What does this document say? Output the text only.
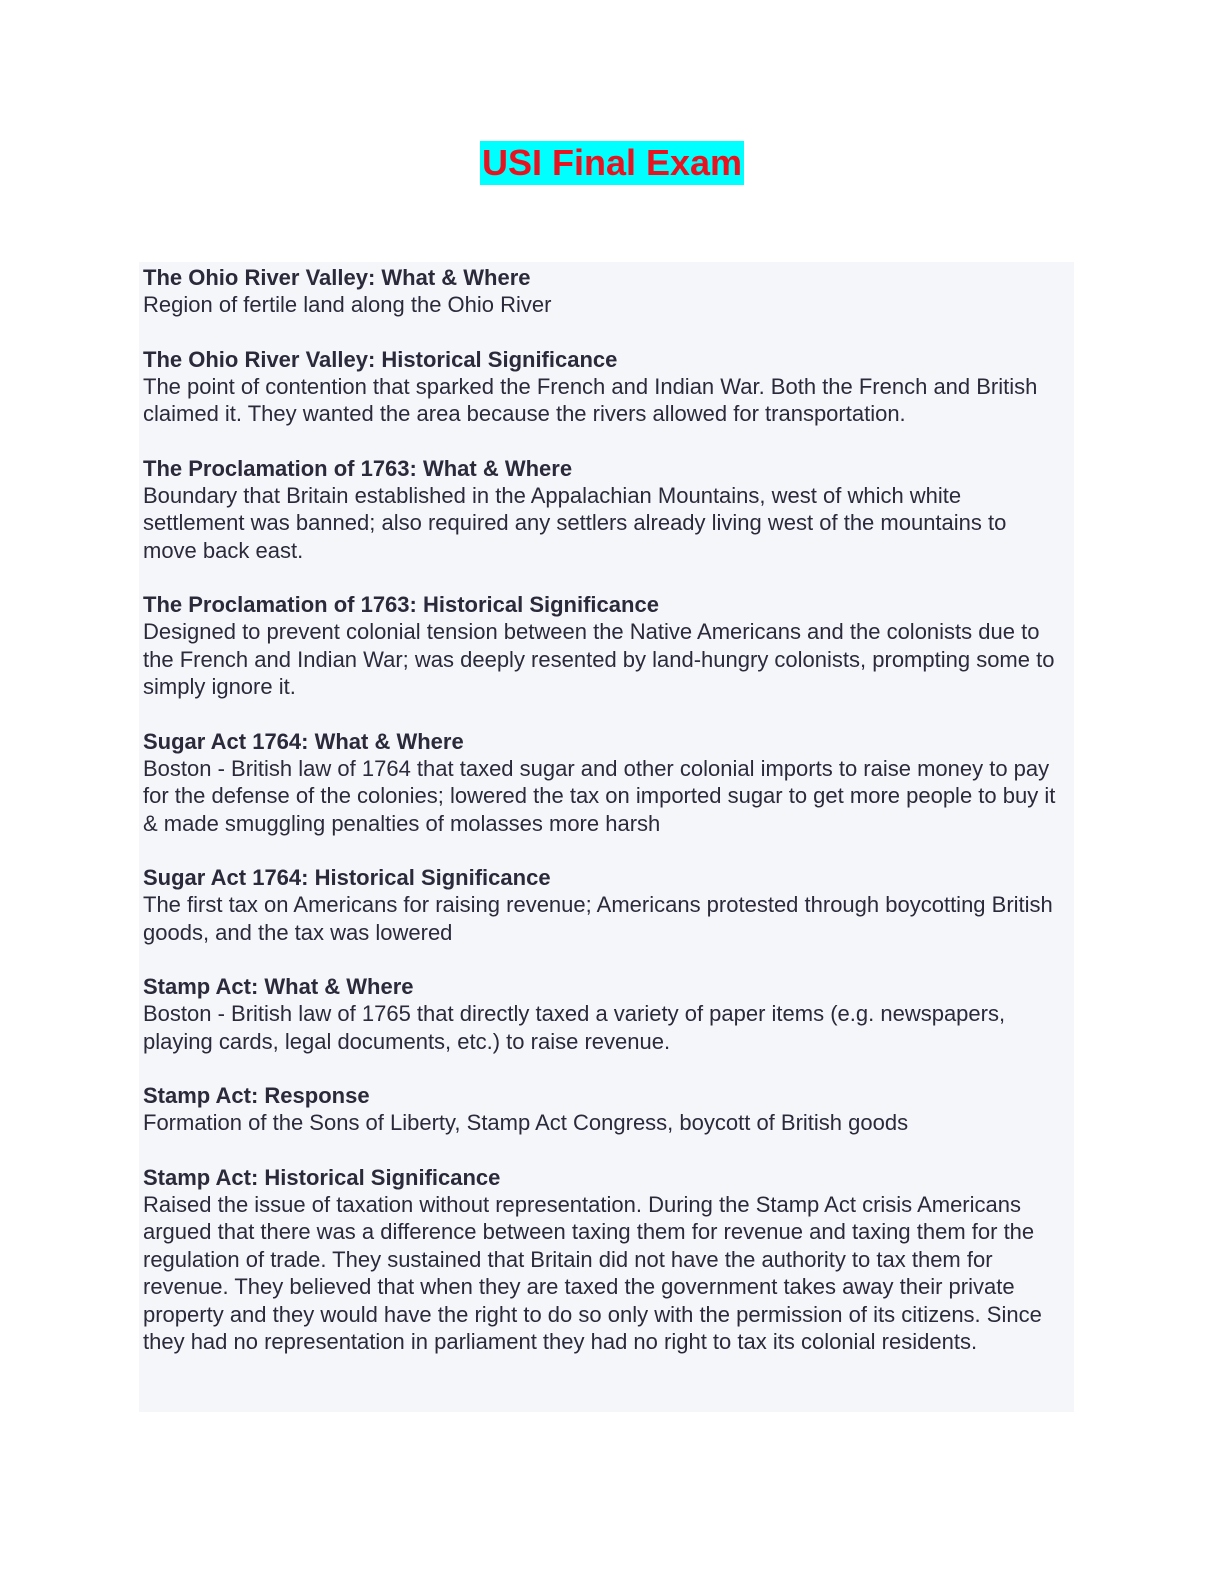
USI Final Exam

The Ohio River Valley: What & Where

Region of fertile land along the Ohio River

The Ohio River Valley: Historical Significance

The point of contention that sparked the French and Indian War. Both the French and British claimed it. They wanted the area because the rivers allowed for transportation.

The Proclamation of 1763: What & Where

Boundary that Britain established in the Appalachian Mountains, west of which white settlement was banned; also required any settlers already living west of the mountains to move back east.

The Proclamation of 1763: Historical Significance

Designed to prevent colonial tension between the Native Americans and the colonists due to the French and Indian War; was deeply resented by land-hungry colonists, prompting some to simply ignore it.

Sugar Act 1764: What & Where

Boston - British law of 1764 that taxed sugar and other colonial imports to raise money to pay for the defense of the colonies; lowered the tax on imported sugar to get more people to buy it & made smuggling penalties of molasses more harsh

Sugar Act 1764: Historical Significance

The first tax on Americans for raising revenue; Americans protested through boycotting British goods, and the tax was lowered

Stamp Act: What & Where

Boston - British law of 1765 that directly taxed a variety of paper items (e.g. newspapers, playing cards, legal documents, etc.) to raise revenue.

Stamp Act: Response

Formation of the Sons of Liberty, Stamp Act Congress, boycott of British goods

Stamp Act: Historical Significance

Raised the issue of taxation without representation. During the Stamp Act crisis Americans argued that there was a difference between taxing them for revenue and taxing them for the regulation of trade. They sustained that Britain did not have the authority to tax them for revenue. They believed that when they are taxed the government takes away their private property and they would have the right to do so only with the permission of its citizens. Since they had no representation in parliament they had no right to tax its colonial residents.
